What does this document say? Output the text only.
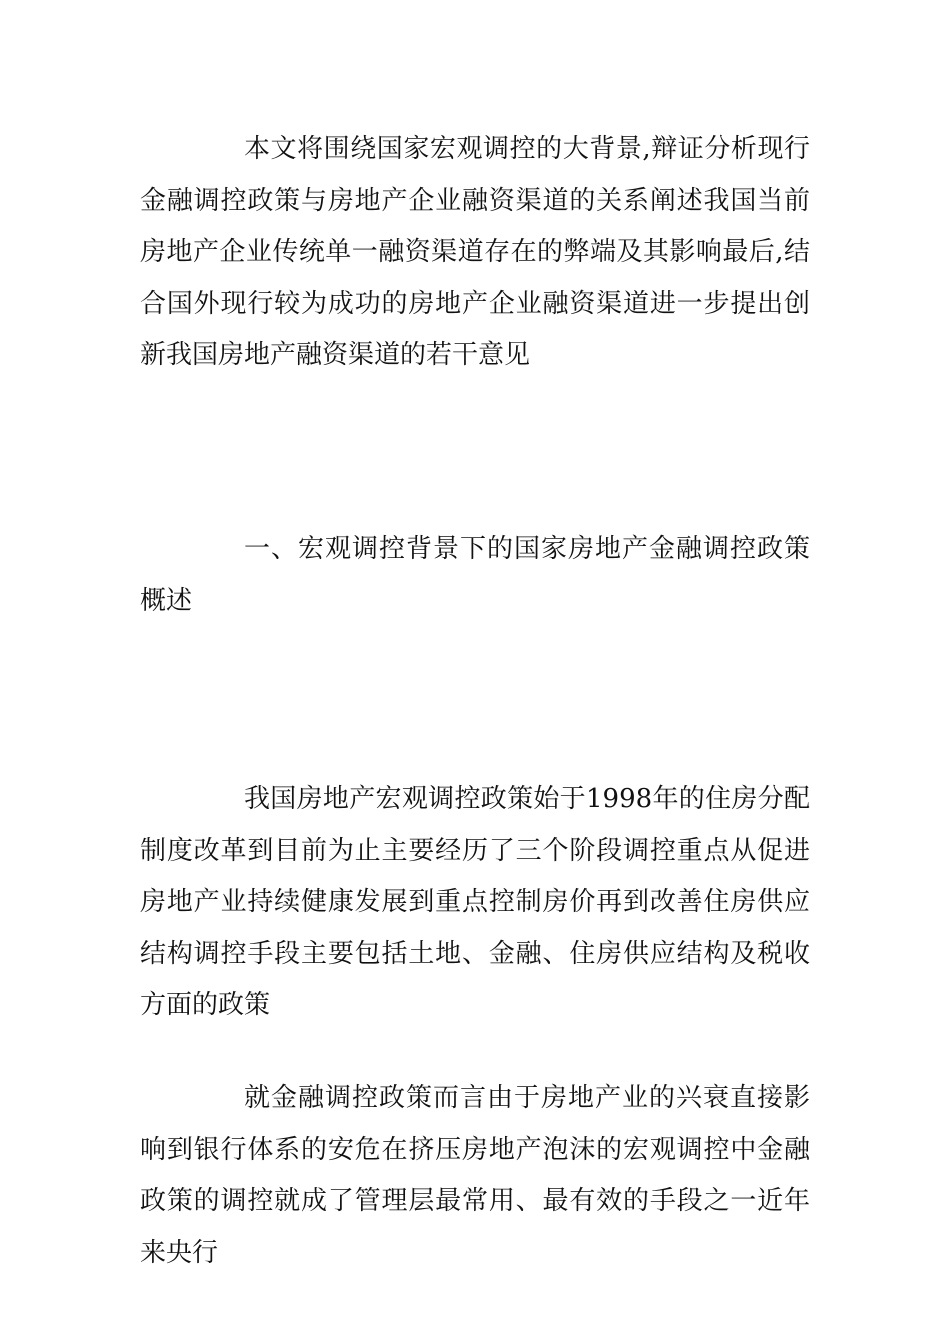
本文将围绕国家宏观调控的大背景,辩证分析现行金融调控政策与房地产企业融资渠道的关系阐述我国当前房地产企业传统单一融资渠道存在的弊端及其影响最后,结合国外现行较为成功的房地产企业融资渠道进一步提出创新我国房地产融资渠道的若干意见

一、宏观调控背景下的国家房地产金融调控政策概述

我国房地产宏观调控政策始于1998年的住房分配制度改革到目前为止主要经历了三个阶段调控重点从促进房地产业持续健康发展到重点控制房价再到改善住房供应结构调控手段主要包括土地、金融、住房供应结构及税收方面的政策

就金融调控政策而言由于房地产业的兴衰直接影响到银行体系的安危在挤压房地产泡沫的宏观调控中金融政策的调控就成了管理层最常用、最有效的手段之一近年来央行
